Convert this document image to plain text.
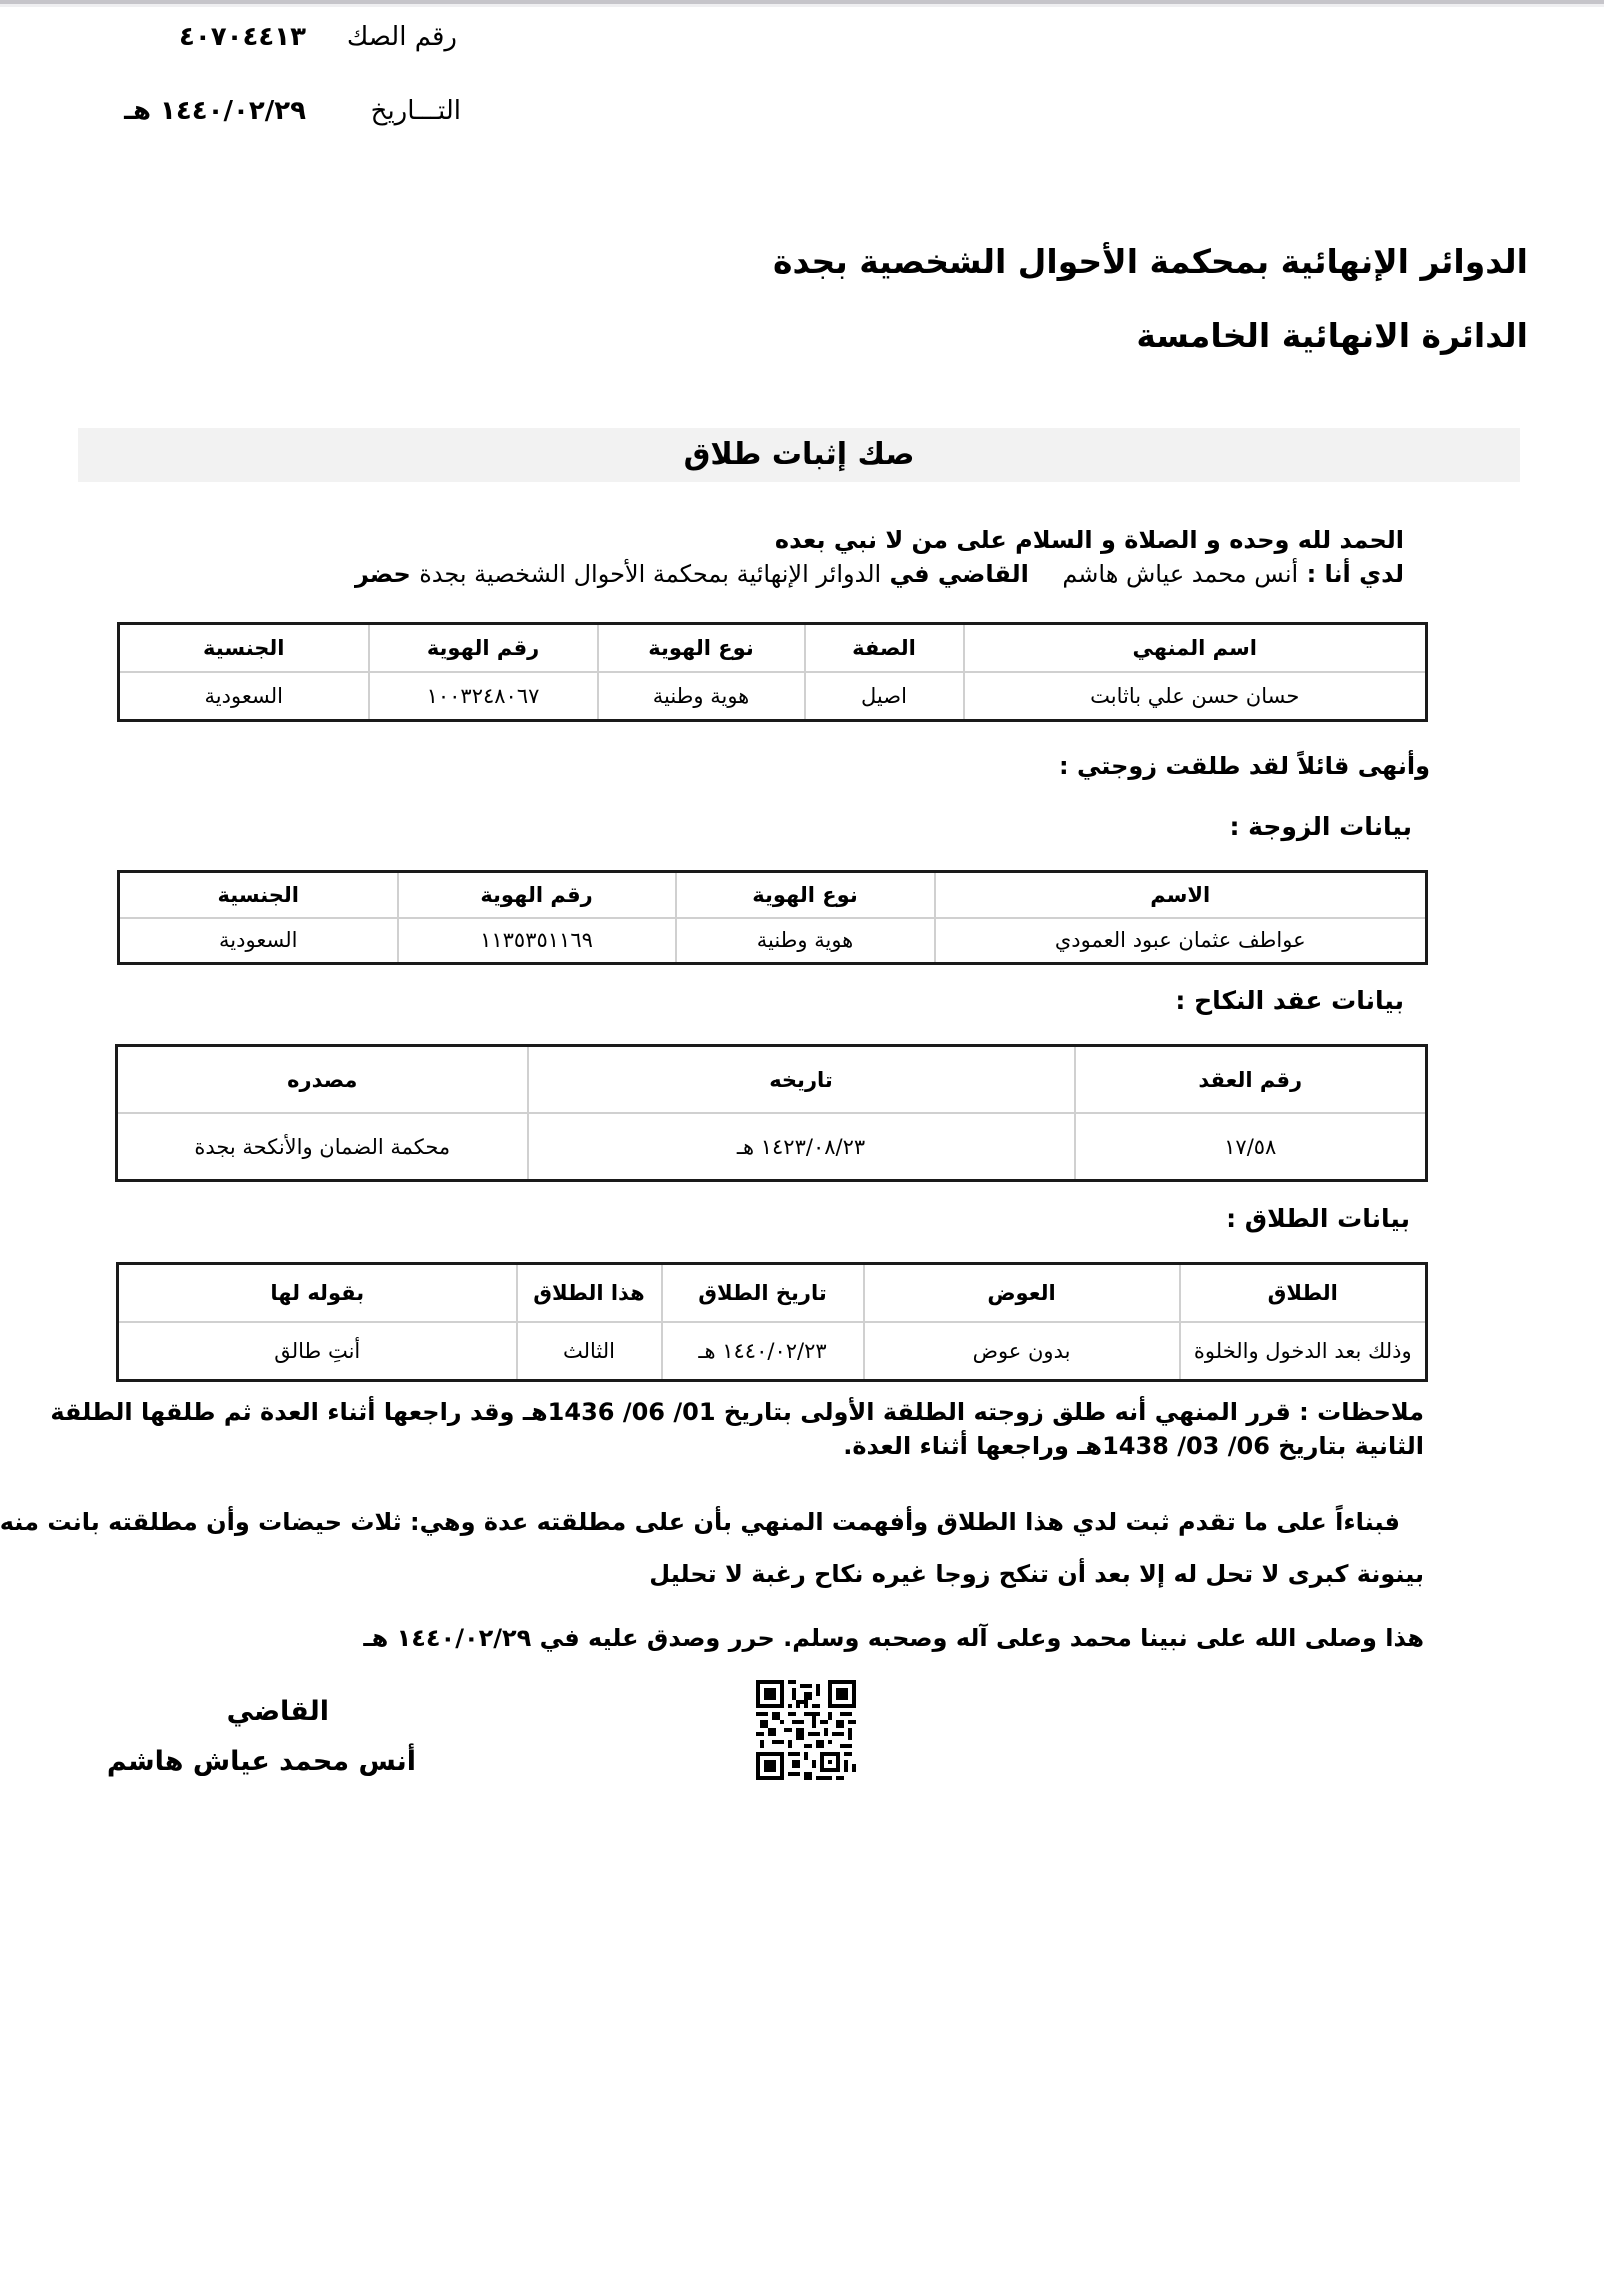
رقم الصك
٤٠٧٠٤٤١٣
التـــاريخ
١٤٤٠/٠٢/٢٩ هـ
الدوائر الإنهائية بمحكمة الأحوال الشخصية بجدة
الدائرة الانهائية الخامسة
صك إثبات طلاق
الحمد لله وحده و الصلاة و السلام على من لا نبي بعده
لدي أنا : أنس محمد عياش هاشم    القاضي في الدوائر الإنهائية بمحكمة الأحوال الشخصية بجدة حضر
اسم المنهي	الصفة	نوع الهوية	رقم الهوية	الجنسية
حسان حسن علي باثابت	اصيل	هوية وطنية	١٠٠٣٢٤٨٠٦٧	السعودية
وأنهى قائلاً لقد طلقت زوجتي :
بيانات الزوجة :
الاسم	نوع الهوية	رقم الهوية	الجنسية
عواطف عثمان عبود العمودي	هوية وطنية	١١٣٥٣٥١١٦٩	السعودية
بيانات عقد النكاح :
رقم العقد	تاريخه	مصدره
١٧/٥٨	١٤٢٣/٠٨/٢٣ هـ	محكمة الضمان والأنكحة بجدة
بيانات الطلاق :
الطلاق	العوض	تاريخ الطلاق	هذا الطلاق	بقوله لها
وذلك بعد الدخول والخلوة	بدون عوض	١٤٤٠/٠٢/٢٣ هـ	الثالث	أنتِ طالق
ملاحظات : قرر المنهي أنه طلق زوجته الطلقة الأولى بتاريخ 01/ 06/ 1436هـ وقد راجعها أثناء العدة ثم طلقها الطلقة
الثانية بتاريخ 06/ 03/ 1438هـ وراجعها أثناء العدة.
فبناءاً على ما تقدم ثبت لدي هذا الطلاق وأفهمت المنهي بأن على مطلقته عدة وهي: ثلاث حيضات وأن مطلقته بانت منه
بينونة كبرى لا تحل له إلا بعد أن تنكح زوجا غيره نكاح رغبة لا تحليل
هذا وصلى الله على نبينا محمد وعلى آله وصحبه وسلم. حرر وصدق عليه في ١٤٤٠/٠٢/٢٩ هـ
القاضي
أنس محمد عياش هاشم
